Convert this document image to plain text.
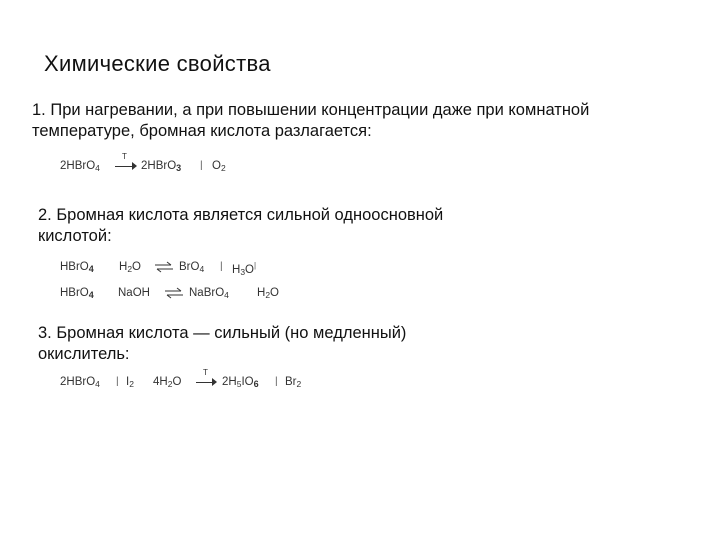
Химические свойства
1. При нагревании, а при повышении концентрации даже при комнатной
температуре, бромная кислота разлагается:
2HBrO$_4$
T
2HBrO3 | $O_2$
2. Бромная кислота является сильной одноосновной
кислотой:
HBrO4 $H_2O$ ⇌ BrO$_4$ | $H_3O^|$
HBrO4 NaOH ⇌ NaBrO$_4$ $H_2O$
3. Бромная кислота — сильный (но медленный)
окислитель:
2HBrO$_4$ | $I_2$ $4H_2O$
T
$2H_5IO6$ | $Br_2$
